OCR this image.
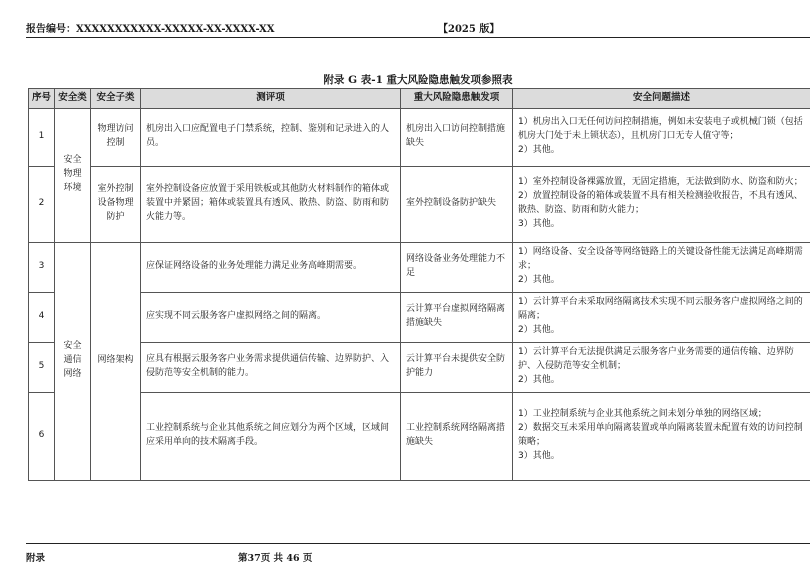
报告编号：XXXXXXXXXXX-XXXXX-XX-XXXX-XX	【2025 版】
附录 G 表-1 重大风险隐患触发项参照表
序号	安全类	安全子类	测评项	重大风险隐患触发项	安全问题描述
1	安全物理环境	物理访问控制	机房出入口应配置电子门禁系统，控制、鉴别和记录进入的人员。	机房出入口访问控制措施缺失	1）机房出入口无任何访问控制措施，例如未安装电子或机械门锁（包括机房大门处于未上锁状态），且机房门口无专人值守等；
2）其他。

2		室外控制设备物理防护	室外控制设备应放置于采用铁板或其他防火材料制作的箱体或装置中并紧固；箱体或装置具有透风、散热、防盗、防雨和防火能力等。	室外控制设备防护缺失	1）室外控制设备裸露放置，无固定措施，无法做到防水、防盗和防火；
2）放置控制设备的箱体或装置不具有相关检测验收报告，不具有透风、散热、防盗、防雨和防火能力；
3）其他。

3	安全通信网络	网络架构	应保证网络设备的业务处理能力满足业务高峰期需要。	网络设备业务处理能力不足	1）网络设备、安全设备等网络链路上的关键设备性能无法满足高峰期需求；
2）其他。

4			应实现不同云服务客户虚拟网络之间的隔离。	云计算平台虚拟网络隔离措施缺失	1）云计算平台未采取网络隔离技术实现不同云服务客户虚拟网络之间的隔离；
2）其他。

5			应具有根据云服务客户业务需求提供通信传输、边界防护、入侵防范等安全机制的能力。	云计算平台未提供安全防护能力	1）云计算平台无法提供满足云服务客户业务需要的通信传输、边界防护、入侵防范等安全机制；
2）其他。

6			工业控制系统与企业其他系统之间应划分为两个区域，区域间应采用单向的技术隔离手段。	工业控制系统网络隔离措施缺失	1）工业控制系统与企业其他系统之间未划分单独的网络区域；
2）数据交互未采用单向隔离装置或单向隔离装置未配置有效的访问控制策略；
3）其他。
附录	第37页 共 46 页
